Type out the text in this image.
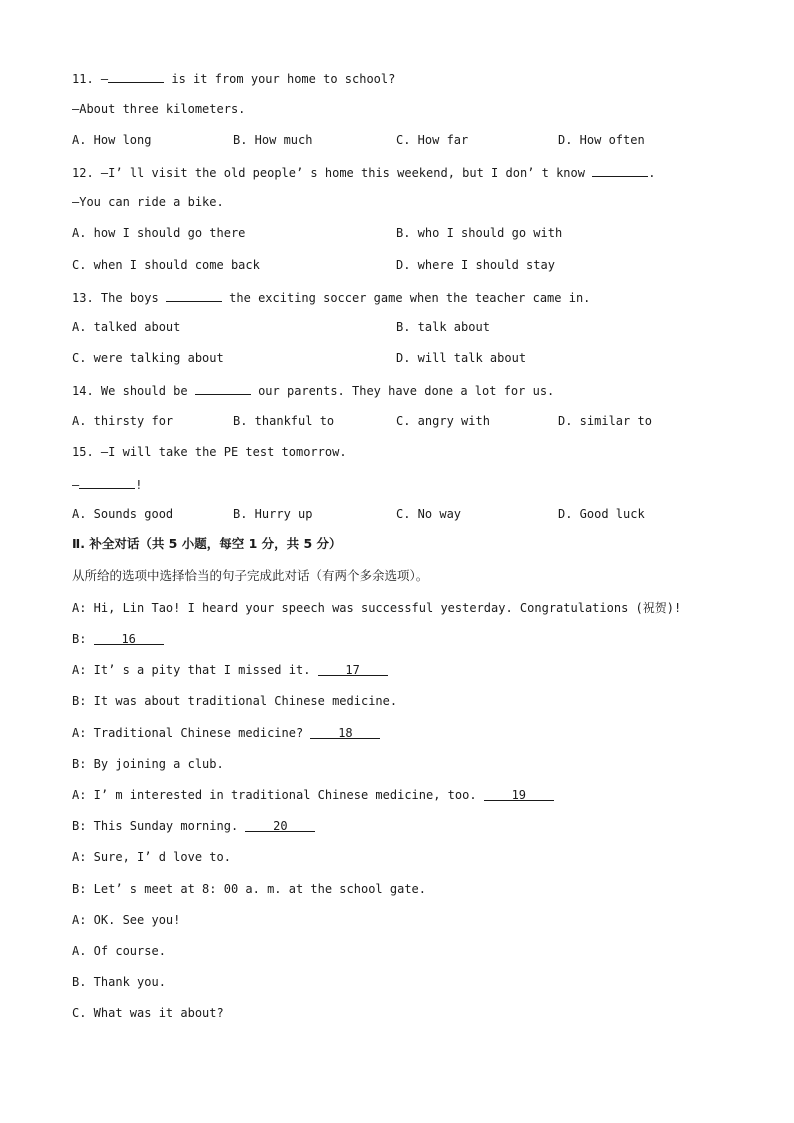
11. —	is it from your home to school?
—About three kilometers.
A. How long	B. How much	C. How far	D. How often
12. —I’ ll visit the old people’ s home this weekend, but I don’ t know	.
—You can ride a bike.
A. how I should go there	B. who I should go with
C. when I should come back	D. where I should stay
13. The boys	the exciting soccer game when the teacher came in.
A. talked about	B. talk about
C. were talking about	D. will talk about
14. We should be	our parents. They have done a lot for us.
A. thirsty for	B. thankful to	C. angry with	D. similar to
15. —I will take the PE test tomorrow.
—	!
A. Sounds good	B. Hurry up	C. No way	D. Good luck
Ⅱ. 补全对话（共 5 小题，每空 1 分，共 5 分）
从所给的选项中选择恰当的句子完成此对话（有两个多余选项）。
A: Hi, Lin Tao! I heard your speech was successful yesterday. Congratulations (祝贺)!
B: 16
A: It’ s a pity that I missed it. 17
B: It was about traditional Chinese medicine.
A: Traditional Chinese medicine? 18
B: By joining a club.
A: I’ m interested in traditional Chinese medicine, too. 19
B: This Sunday morning. 20
A: Sure, I’ d love to.
B: Let’ s meet at 8: 00 a. m. at the school gate.
A: OK. See you!
A. Of course.
B. Thank you.
C. What was it about?
